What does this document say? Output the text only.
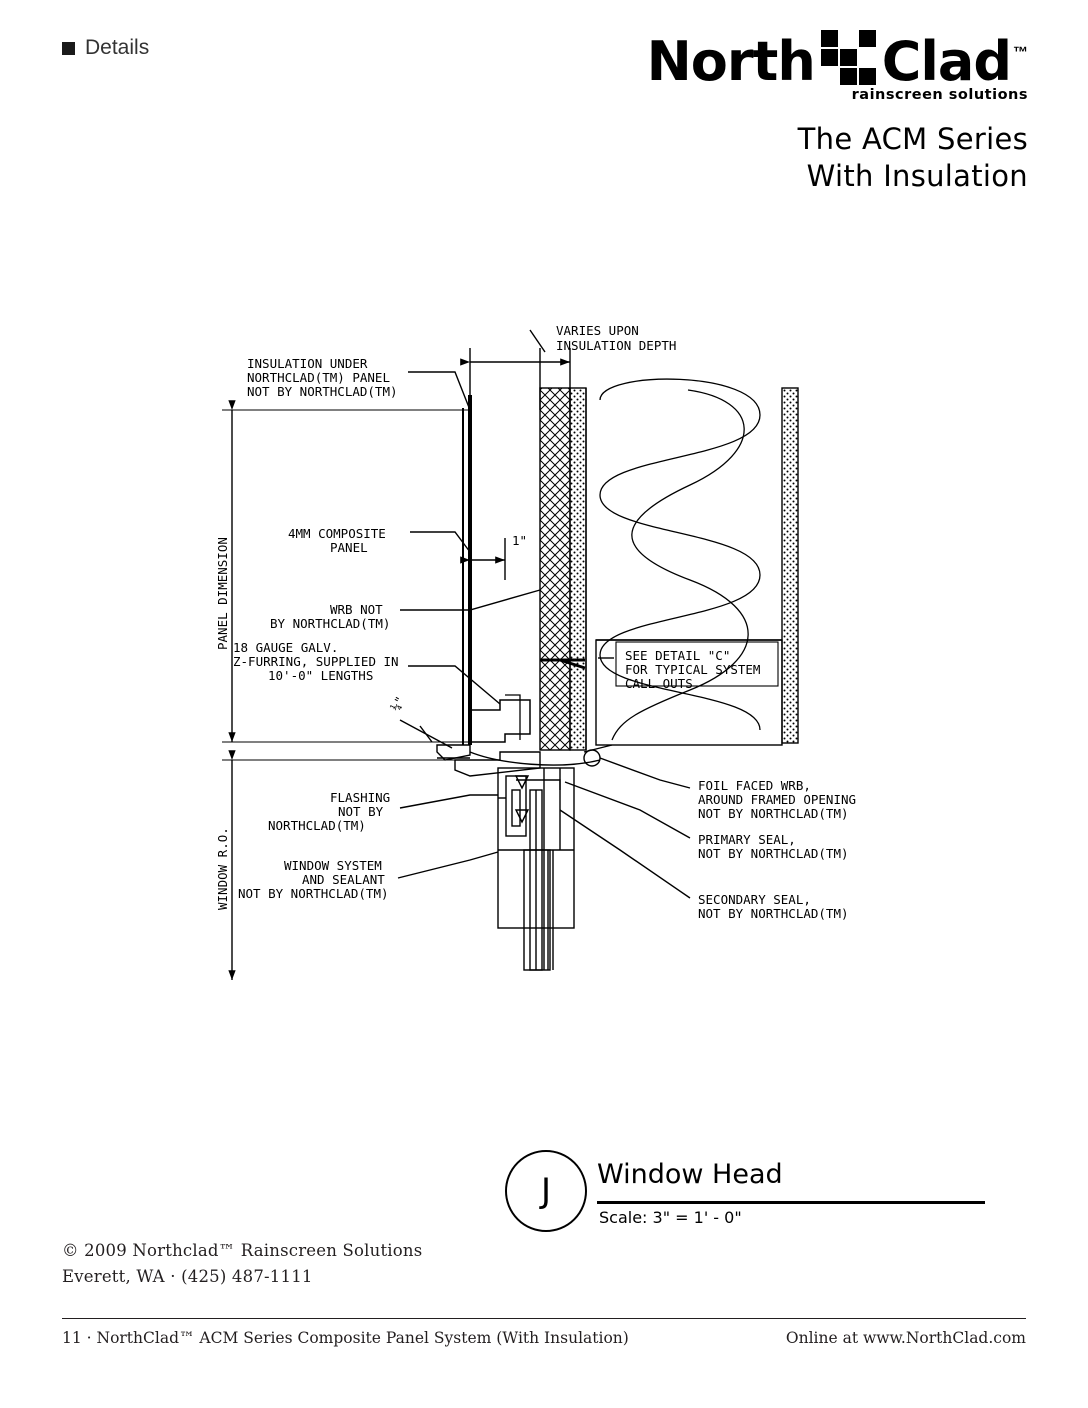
Details	North Clad ™
rainscreen solutions
The ACM Series
With Insulation
VARIES UPON
INSULATION DEPTH
PANEL DIMENSION
WINDOW R.O.
1"
¼"
INSULATION UNDER
NORTHCLAD(TM) PANEL
NOT BY NORTHCLAD(TM)
4MM COMPOSITE
PANEL
WRB NOT
BY NORTHCLAD(TM)
18 GAUGE GALV.
Z-FURRING, SUPPLIED IN
10'-0" LENGTHS
SEE DETAIL "C"
FOR TYPICAL SYSTEM
CALL OUTS
FLASHING
NOT BY
NORTHCLAD(TM)
WINDOW SYSTEM
AND SEALANT
NOT BY NORTHCLAD(TM)
FOIL FACED WRB,
AROUND FRAMED OPENING
NOT BY NORTHCLAD(TM)
PRIMARY SEAL,
NOT BY NORTHCLAD(TM)
SECONDARY SEAL,
NOT BY NORTHCLAD(TM)
J Window Head
Scale: 3" = 1' - 0"
© 2009 Northclad™ Rainscreen Solutions
Everett, WA · (425) 487-1111
11 · NorthClad™ ACM Series Composite Panel System (With Insulation)	Online at www.NorthClad.com
